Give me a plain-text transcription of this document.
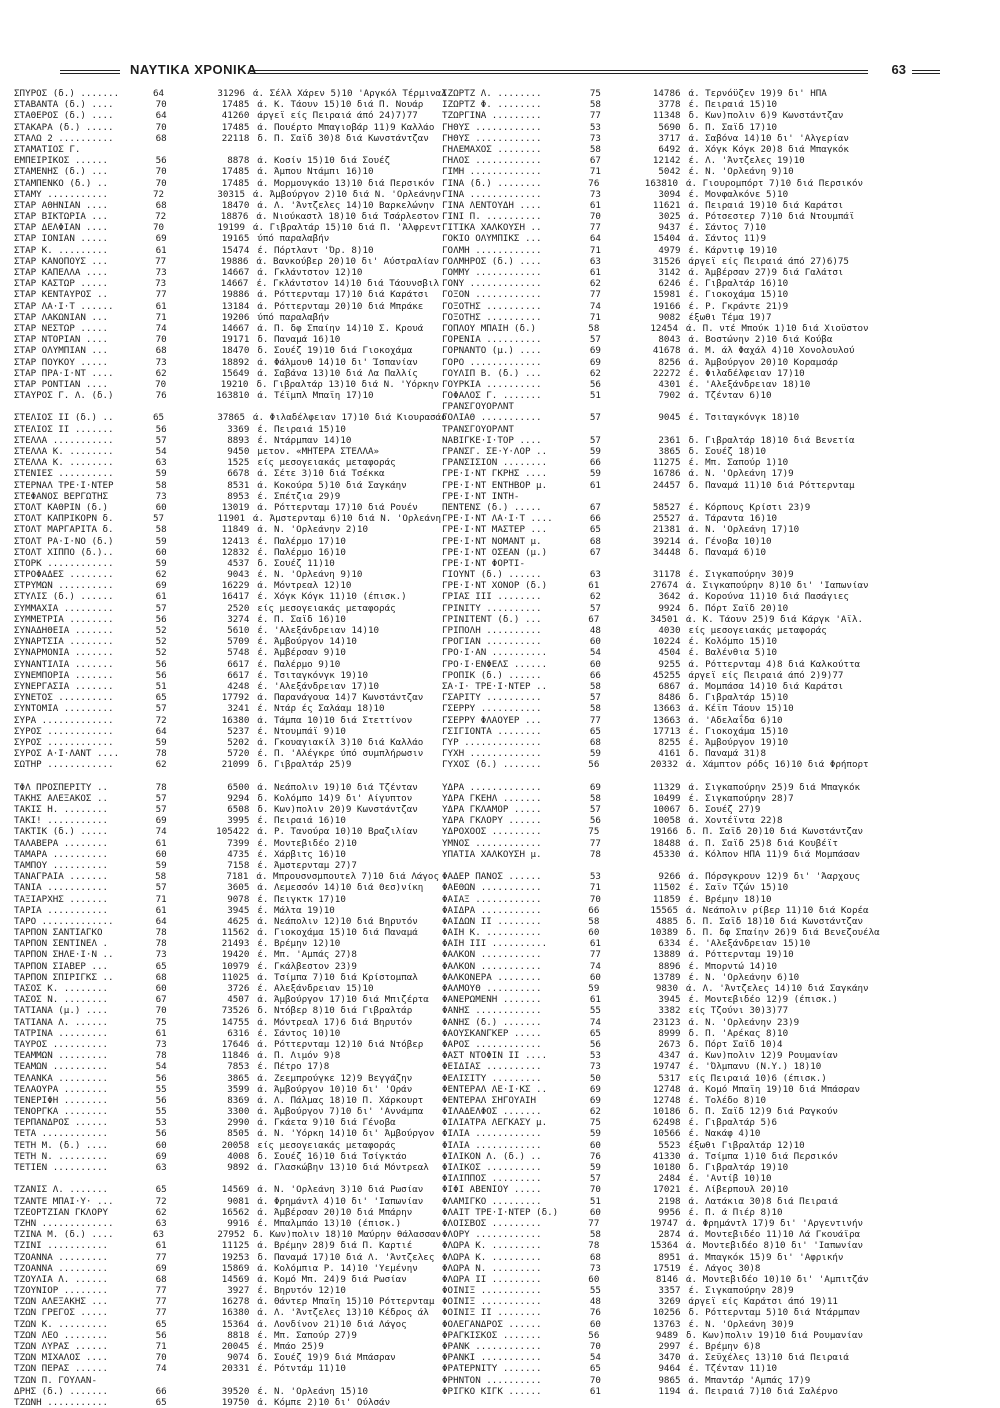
ΝΑΥΤΙΚΑ ΧΡΟΝΙΚΑ	63
ΣΠΥΡΟΣ (δ.) .......	64	31296 ά. Σέλλ Χάρεν 5)10 'Αργκόλ Τέρμιναλ
ΣΤΑΒΑΝΤΑ (δ.) ....	70	17485 ά. Κ. Τάουν 15)10 διά Π. Νουάρ
ΣΤΑΘΕΡΟΣ (δ.) ....	64	41260 άργεϊ είς Πειραιά άπό 24)7)77
ΣΤΑΚΑΡΑ (δ.) .....	70	17485 ά. Πουέρτο Μπαγιοβάρ 11)9 Καλλάο
ΣΤΑΛΩ 2 ..........	68	22118 δ. Π. Σαϊδ 30)8 διά Κωνστάντζαν
ΣΤΑΜΑΤΙΟΣ Γ.
ΕΜΠΕΙΡΙΚΟΣ ......	56	8878 ά. Κοσίν 15)10 διά Σουέζ
ΣΤΑΜΕΝΗΣ (δ.) ...	70	17485 ά. Άμπου Ντάμπι 16)10
ΣΤΑΜΠΕΝΚΟ (δ.) ..	70	17485 ά. Μορμουγκάο 13)10 διά Περσικόν
ΣΤΑΜΥ ...........	72	30315 ά. Άμβούργον 2)10 διά Ν. 'Ορλεάνην
ΣΤΑΡ ΑΘΗΝΙΑΝ ....	68	18470 ά. Λ. 'Άντζελες 14)10 Βαρκελώνην
ΣΤΑΡ ΒΙΚΤΩΡΙΑ ...	72	18876 ά. Νιούκαστλ 18)10 διά Τσάρλεστον
ΣΤΑΡ ΔΕΛΦΙΑΝ ....	70	19199 ά. Γιβραλτάρ 15)10 διά Π. 'Άλφρεντ
ΣΤΑΡ ΙΟΝΙΑΝ .....	69	19165 ύπό παραλαβήν
ΣΤΑΡ Κ. .........	61	15474 έ. Πόρτλαντ 'Όρ. 8)10
ΣΤΑΡ ΚΑΝΟΠΟΥΣ ...	77	19886 ά. Βανκούβερ 20)10 δι' Αύστραλίαν
ΣΤΑΡ ΚΑΠΕΛΛΑ ....	73	14667 ά. Γκλάντστον 12)10
ΣΤΑΡ ΚΑΣΤΩΡ .....	73	14667 έ. Γκλάντστον 14)10 διά Τάουνσβιλ
ΣΤΑΡ ΚΕΝΤΑΥΡΟΣ ..	77	19886 ά. Ρόττερνταμ 17)10 διά Καράτσι
ΣΤΑΡ ΛΑ·Ι·Τ ......	61	13184 ά. Ρόττερνταμ 20)10 διά Μπράκε
ΣΤΑΡ ΛΑΚΩΝΙΑΝ ...	71	19206 ύπό παραλαβήν
ΣΤΑΡ ΝΕΣΤΩΡ .....	74	14667 ά. Π. δφ Σπαίην 14)10 Σ. Κρουά
ΣΤΑΡ ΝΤΟΡΙΑΝ ....	70	19171 δ. Παναμά 16)10
ΣΤΑΡ ΟΛΥΜΠΙΑΝ ...	68	18470 δ. Σουέζ 19)10 διά Γιοκοχάμα
ΣΤΑΡ ΠΟΥΚΟΥ .....	73	18892 ά. Φάλμουθ 14)10 δι' Ίσπανίαν
ΣΤΑΡ ΠΡΑ·Ι·ΝΤ ....	62	15649 ά. Σαβάνα 13)10 διά Λα Παλλίς
ΣΤΑΡ ΡΟΝΤΙΑΝ ....	70	19210 δ. Γιβραλτάρ 13)10 διά Ν. 'Υόρκην
ΣΤΑΥΡΟΣ Γ. Λ. (δ.)	76	163810 ά. Τέϊμπλ Μπαϊη 17)10
ΣΤΕΛΙΟΣ ΙΙ (δ.) ..	65	37865 ά. Φιλαδέλφειαν 17)10 διά Κιουρασάο
ΣΤΕΛΙΟΣ ΙΙ .......	56	3369 έ. Πειραιά 15)10
ΣΤΕΛΛΑ ...........	57	8893 έ. Ντάρμπαν 14)10
ΣΤΕΛΛΑ Κ. ........	54	9450 μετον. «ΜΗΤΕΡΑ ΣΤΕΛΛΑ»
ΣΤΕΛΛΑ Κ. ........	63	1525 είς μεσογειακάς μεταφοράς
ΣΤΕΝΙΕΣ ..........	59	6678 ά. Σέτε 3)10 διά Τσέκκα
ΣΤΕΡΝΑΛ ΤΡΕ·Ι·ΝΤΕΡ	58	8531 ά. Κοκούρα 5)10 διά Σαγκάην
ΣΤΕΦΑΝΟΣ ΒΕΡΓΩΤΗΣ	73	8953 έ. Σπέτζια 29)9
ΣΤΟΛΤ ΚΑΘΡΙΝ (δ.)	60	13019 ά. Ρόττερνταμ 17)10 διά Ρουέν
ΣΤΟΛΤ ΚΑΠΡΙΚΟΡΝ δ.	57	11901 ά. Άμστερνταμ 6)10 διά Ν. 'Ορλεάνη
ΣΤΟΛΤ ΜΑΡΓΑΡΙΤΑ δ.	58	11849 ά. Ν. 'Ορλεάνην 2)10
ΣΤΟΛΤ ΡΑ·Ι·ΝΟ (δ.)	59	12413 έ. Παλέρμο 17)10
ΣΤΟΛΤ ΧΙΠΠΟ (δ.)..	60	12832 έ. Παλέρμο 16)10
ΣΤΟΡΚ ............	59	4537 δ. Σουέζ 11)10
ΣΤΡΟΦΑΔΕΣ ........	62	9043 έ. Ν. 'Ορλεάνη 9)10
ΣΤΡΥΜΩΝ ..........	69	16229 ά. Μόντρεαλ 12)10
ΣΤΥΛΙΣ (δ.) ......	61	16417 έ. Χόγκ Κόγκ 11)10 (έπισκ.)
ΣΥΜΜΑΧΙΑ .........	57	2520 είς μεσογειακάς μεταφοράς
ΣΥΜΜΕΤΡΙΑ ........	56	3274 έ. Π. Σαϊδ 16)10
ΣΥΝΑΔΗΘΕΙΑ .......	52	5610 έ. 'Αλεξάνδρειαν 14)10
ΣΥΝΑΡΤΣΙΑ ........	52	5709 έ. Άμβούργον 14)10
ΣΥΝΑΡΜΟΝΙΑ .......	52	5748 έ. Άμβέρσαν 9)10
ΣΥΝΑΝΤΙΛΙΑ .......	56	6617 έ. Παλέρμο 9)10
ΣΥΝΕΜΠΟΡΙΑ .......	56	6617 έ. Τσιταγκόνγκ 19)10
ΣΥΝΕΡΓΑΣΙΑ .......	51	4248 έ. 'Αλεξάνδρειαν 17)10
ΣΥΝΕΤΟΣ ..........	65	17792 ά. Παρανάγουα 14)7 Κωνστάντζαν
ΣΥΝΤΟΜΙΑ .........	57	3241 έ. Ντάρ ές Σαλάαμ 18)10
ΣΥΡΑ .............	72	16380 ά. Τάμπα 10)10 διά Στεττίνον
ΣΥΡΟΣ ............	64	5237 έ. Ντουμπάϊ 9)10
ΣΥΡΟΣ ............	59	5202 ά. Γκουαγιακίλ 3)10 διά Καλλάο
ΣΥΡΟΣ Α·Ι·ΛΑΝΤ ....	78	5720 έ. Π. 'Αλέγκρε ύπό συμπλήρωσιν
ΣΩΤΗΡ ............	62	21099 δ. Γιβραλτάρ 25)9
ΤΦΛ ΠΡΟΣΠΕΡΙΤΥ ..	78	6500 ά. Νεάπολιν 19)10 διά Τζένταν
ΤΑΚΗΣ ΑΛΕΞΑΚΟΣ ..	57	9294 δ. Κολόμπο 14)9 δι' Αίγυπτον
ΤΑΚΙΣ Η. ........	57	6508 δ. Κων)πολιν 20)9 Κωνστάντζαν
ΤΑΚΙ! ...........	69	3995 έ. Πειραιά 16)10
ΤΑΚΤΙΚ (δ.) .....	74	105422 ά. Ρ. Τανούρα 10)10 Βραζιλίαν
ΤΑΛΑΒΕΡΑ ........	61	7399 έ. Μοντεβιδέο 2)10
ΤΑΜΑΡΑ ..........	60	4735 έ. Χάρβιτς 16)10
ΤΑΜΠΟΥ ..........	59	7158 έ. Άμστερνταμ 27)7
ΤΑΝΑΓΡΑΙΑ .......	58	7181 ά. Μπρουσνσμπουτελ 7)10 διά Λάγος
ΤΑΝΙΑ ...........	57	3605 ά. Λεμεσσόν 14)10 διά Θεσ)νίκη
ΤΑΞΙΑΡΧΗΣ .......	71	9078 έ. Πειγκτκ 17)10
ΤΑΡΙΑ ...........	61	3945 έ. Μάλτα 19)10
ΤΑΡΟ .............	64	4625 ά. Νεάπολιν 12)10 διά Βηρυτόν
ΤΑΡΠΟΝ ΣΑΝΤΙΑΓΚΟ	78	11562 ά. Γιοκοχάμα 15)10 διά Παναμά
ΤΑΡΠΟΝ ΣΕΝΤΙΝΕΛ .	78	21493 έ. Βρέμην 12)10
ΤΑΡΠΟΝ ΣΗΛΕ·Ι·Ν ..	73	19420 έ. Μπ. 'Αμπάς 27)8
ΤΑΡΠΟΝ ΣΙΑΒΕΡ ...	65	10979 έ. Γκάλβεστον 23)9
ΤΑΡΠΟΝ ΣΠΙΡΙΓΚΣ ..	68	11025 ά. Τσίμπα 7)10 διά Κρίστομπαλ
ΤΑΣΟΣ Κ. ........	60	3726 έ. Αλεξάνδρειαν 15)10
ΤΑΣΟΣ Ν. ........	67	4507 ά. Άμβούργον 17)10 διά Μπιζέρτα
ΤΑΤΙΑΝΑ (μ.) ....	70	73526 δ. Ντόβερ 8)10 διά Γιβραλτάρ
ΤΑΤΙΑΝΑ Λ. ......	75	14755 ά. Μόντρεαλ 17)6 διά Βηρυτόν
ΤΑΤΡΙΝΑ .........	61	6316 έ. Σάντος 10)10
ΤΑΥΡΟΣ ..........	73	17646 ά. Ρόττερνταμ 12)10 διά Ντόβερ
ΤΕΑΜΜΩΝ .........	78	11846 ά. Π. Λιμόν 9)8
ΤΕΑΜΩΝ ..........	54	7853 έ. Πέτρο 17)8
ΤΕΛΑΝΚΑ .........	56	3865 ά. Ζεεμπρούγκε 12)9 Βεγγάζην
ΤΕΛΑΟΥΡΑ ........	55	3599 ά. Άμβούργον 10)10 δι' 'Οράν
ΤΕΝΕΡΙΦΗ ........	56	8369 ά. Λ. Πάλμας 18)10 Π. Χάρκουρτ
ΤΕΝΟΡΓΚΑ ........	55	3300 ά. Άμβούργον 7)10 δι' 'Αννάμπα
ΤΕΡΠΑΝΔΡΟΣ ......	53	2990 ά. Γκάετα 9)10 διά Γένοβα
ΤΕΤΑ ............	56	8505 ά. Ν. 'Υόρκη 14)10 δι' Άμβούργον
ΤΕΤΗ Μ. (δ.) ....	60	20058 είς μεσογειακάς μεταφοράς
ΤΕΤΗ Ν. .........	69	4008 δ. Σουέζ 16)10 διά Τσίγκτάο
ΤΕΤΙΕΝ ..........	63	9892 ά. Γλασκώβην 13)10 διά Μόντρεαλ
ΤΖΑΝΙΣ Λ. .......	65	14569 ά. Ν. 'Ορλεάνη 3)10 διά Ρωσίαν
ΤΖΑΝΤΕ ΜΠΑΙ·Υ· ...	72	9081 ά. Φρημάντλ 4)10 δι' 'Ιαπωνίαν
ΤΖΕΟΡΤΖΙΑΝ ΓΚΛΟΡΥ	62	16562 ά. Άμβέρσαν 20)10 διά Μπάρην
ΤΖΗΝ .............	63	9916 έ. Μπαλμπάο 13)10 (έπισκ.)
ΤΖΙΝΑ Μ. (δ.) ....	63	27952 δ. Κων)πολιν 18)10 Μαύρην θάλασσαν
ΤΖΙΝΙ ...........	61	11125 ά. Βρέμην 28)9 διά Π. Καρτιέ
ΤΖΟΑΝΝΑ .........	77	19253 δ. Παναμά 17)10 διά Λ. 'Άντζελες
ΤΖΟΑΝΝΑ .........	69	15869 ά. Κολόμπια Ρ. 14)10 'Υεμένην
ΤΖΟΥΛΙΑ Λ. ......	68	14569 ά. Κομό Μπ. 24)9 διά Ρωσίαν
ΤΖΟΥΝΙΟΡ ........	77	3927 έ. Βηρυτόν 12)10
ΤΖΩΝ ΑΛΕΞΑΚΗΣ ...	77	16278 ά. Θάντερ Μπαϊη 15)10 Ρόττερνταμ
ΤΖΩΝ ΓΡΕΓΟΣ .....	77	16380 ά. Λ. 'Άντζελες 13)10 Κέδρος άλ
ΤΖΩΝ Κ. .........	65	15364 ά. Λονδίνον 21)10 διά Λάγος
ΤΖΩΝ ΛΕΟ ........	56	8818 έ. Μπ. Σαπούρ 27)9
ΤΖΩΝ ΛΥΡΑΣ ......	71	20045 έ. Μπάο 25)9
ΤΖΩΝ ΜΙΧΑΛΟΣ ....	70	9074 δ. Σουέζ 19)9 διά Μπάσραν
ΤΖΩΝ ΠΕΡΑΣ ......	74	20331 έ. Ρότντάμ 11)10
ΤΖΩΝ Π. ΓΟΥΛΑΝ-
ΔΡΗΣ (δ.) .......	66	39520 έ. Ν. 'Ορλεάνη 15)10
ΤΖΩΝΗ ...........	65	19750 ά. Κόμπε 2)10 δι' Ούλσάν
ΙΖΩΡΤΖ Λ. ........	75	14786 ά. Τερνόϋζεν 19)9 δι' ΗΠΑ
ΙΖΩΡΤΖ Φ. ........	58	3778 έ. Πειραιά 15)10
ΤΖΩΡΓΙΝΑ .........	77	11348 δ. Κων)πολιν 6)9 Κωνστάντζαν
ΓΗΘΥΣ ............	53	5690 δ. Π. Σαϊδ 17)10
ΓΗΘΥΣ ............	73	3717 ά. Σαβόνα 14)10 δι' 'Αλγερίαν
ΓΗΛΕΜΑΧΟΣ ........	58	6492 ά. Χόγκ Κόγκ 20)8 διά Μπαγκόκ
ΓΗΛΟΣ ............	67	12142 έ. Λ. 'Άντζελες 19)10
ΓΙΜΗ .............	71	5042 έ. Ν. 'Ορλεάνη 9)10
ΓΙΝΑ (δ.) ........	76	163810 ά. Γιουρομπόρτ 7)10 διά Περσικόν
ΓΙΝΑ .............	73	3094 έ. Μονφαλκόνε 5)10
ΓΙΝΑ ΛΕΝΤΟΥΔΗ ....	61	11621 ά. Πειραιά 19)10 διά Καράτσι
ΓΙΝΙ Π. ..........	70	3025 ά. Ρότσεστερ 7)10 διά Ντουμπάϊ
ΓΙΤΙΚΑ ΧΑΛΚΟΥΣΗ ..	77	9437 έ. Σάντος 7)10
ΓΟΚΙΟ ΟΛΥΜΠΙΚΣ ...	64	15404 ά. Σάντος 11)9
ΓΟΛΜΗ ............	71	4979 έ. Κάρντιφ 19)10
ΓΟΛΜΗΡΟΣ (δ.) ....	63	31526 άργεϊ είς Πειραιά άπό 27)6)75
ΓΟΜΜΥ ............	61	3142 ά. Άμβέρσαν 27)9 διά Γαλάτσι
ΓΟΝΥ .............	62	6246 έ. Γιβραλτάρ 16)10
ΓΟΞΟΝ ............	77	15981 έ. Γιοκοχάμα 15)10
ΓΟΞΟΤΗΣ ..........	74	19166 έ. Ρ. Γκράντε 21)9
ΓΟΞΟΤΗΣ ..........	71	9082 έξωθι Τέμα 19)7
ΓΟΠΛΟΥ ΜΠΑΙΗ (δ.)	58	12454 ά. Π. ντέ Μπούκ 1)10 διά Χιοϋστον
ΓΟΡΕΝΙΑ ..........	57	8043 ά. Βοστώνην 2)10 διά Κούβα
ΓΟΡΝΑΝΤΟ (μ.) ....	69	41678 ά. Μ. άλ Φαχάλ 4)10 Χονολουλού
ΓΟΡΟ .............	69	8256 ά. Άμβούργον 20)10 Κοραμσάρ
ΓΟΥΛΙΠ Β. (δ.) ...	62	22272 έ. Φιλαδέλφειαν 17)10
ΓΟΥΡΚΙΑ ..........	56	4301 έ. 'Αλεξάνδρειαν 18)10
ΓΟΦΑΛΟΣ Γ. .......	51	7902 ά. Τζένταν 6)10
ΓΡΑΝΣΓΟΥΟΡΛΝΤ
ΓΟΛΙΑΘ ...........	57	9045 έ. Τσιταγκόνγκ 18)10
ΤΡΑΝΣΓΟΥΟΡΛΝΤ
ΝΑΒΙΓΚΕ·Ι·ΤΟΡ ....	57	2361 δ. Γιβραλτάρ 18)10 διά Βενετία
ΓΡΑΝΣΓ. ΣΕ·Υ·ΛΟΡ ..	59	3865 δ. Σουέζ 18)10
ΓΡΑΝΣΙΣΙΟΝ ........	66	11275 έ. Μπ. Σαπούρ 1)10
ΓΡΕ·Ι·ΝΤ ΓΚΡΗΣ ....	59	16786 ά. Ν. 'Ορλεάνη 17)9
ΓΡΕ·Ι·ΝΤ ΕΝΤΗΒΟΡ μ.	61	24457 δ. Παναμά 11)10 διά Ρόττερνταμ
ΓΡΕ·Ι·ΝΤ ΙΝΤΗ-
ΠΕΝΤΕΝΣ (δ.) .....	67	58527 έ. Κόρπους Κρίστι 23)9
ΓΡΕ·Ι·ΝΤ ΛΑ·Ι·Τ ....	66	25527 ά. Τάραντα 16)10
ΓΡΕ·Ι·ΝΤ ΜΑΣΤΕΡ ...	65	21381 ά. Ν. 'Ορλεάνη 17)10
ΓΡΕ·Ι·ΝΤ ΝΟΜΑΝΤ μ.	68	39214 ά. Γένοβα 10)10
ΓΡΕ·Ι·ΝΤ ΟΣΕΑΝ (μ.)	67	34448 δ. Παναμά 6)10
ΓΡΕ·Ι·ΝΤ ΦΟΡΤΙ-
ΓΙΟΥΝΤ (δ.) ......	63	31178 έ. Σιγκαπούρην 30)9
ΓΡΕ·Ι·ΝΤ ΧΟΝΟΡ (δ.)	61	27674 ά. Σιγκαπούρην 8)10 δι' 'Ιαπωνίαν
ΓΡΙΑΣ ΙΙΙ ........	62	3642 ά. Κορούνα 11)10 διά Πασάγιες
ΓΡΙΝΙΤΥ ..........	57	9924 δ. Πόρτ Σαϊδ 20)10
ΓΡΙΝΙΤΕΝΤ (δ.) ...	67	34501 ά. Κ. Τάουν 25)9 διά Κάργκ 'Αϊλ.
ΓΡΙΠΟΛΗ ..........	48	4030 είς μεσογειακάς μεταφοράς
ΓΡΟΓΙΑΝ ..........	60	10224 έ. Κολόμπο 15)10
ΓΡΟ·Ι·ΑΝ ..........	54	4504 έ. Βαλένθια 5)10
ΓΡΟ·Ι·ΕΝΦΕΛΣ ......	60	9255 ά. Ρόττερνταμ 4)8 διά Καλκούττα
ΓΡΟΠΙΚ (δ.) ......	66	45255 άργεϊ είς Πειραιά άπό 2)9)77
ΣΑ·Ι· ΤΡΕ·Ι·ΝΤΕΡ ..	58	6867 ά. Μομπάσα 14)10 διά Καράτσι
ΓΣΑΡΙΤΥ ..........	57	8486 δ. Γιβραλτάρ 15)10
ΓΣΕΡΡΥ ...........	58	13663 ά. Κέϊπ Τάουν 15)10
ΓΣΕΡΡΥ ΦΛΑΟΥΕΡ ...	77	13663 ά. 'Αδελαΐδα 6)10
ΓΣΙΓΙΟΝΤΑ ........	65	17713 έ. Γιοκοχάμα 15)10
ΓΥΡ ..............	68	8255 έ. Άμβούργον 19)10
ΓΥΧΗ .............	59	4161 δ. Παναμά 31)8
ΓΥΧΟΣ (δ.) .......	56	20332 ά. Χάμπτον ρόδς 16)10 διά Φρήπορτ
ΥΔΡΑ .............	69	11329 ά. Σιγκαπούρην 25)9 διά Μπαγκόκ
ΥΔΡΑ ΓΚΕΗΛ .......	58	10499 έ. Σιγκαπούρην 28)7
ΥΔΡΑ ΓΚΛΑΜΟΡ .....	57	10067 δ. Σουέζ 27)9
ΥΔΡΑ ΓΚΛΟΡΥ ......	56	10058 ά. Χοντέϊντα 22)8
ΥΔΡΟΧΟΟΣ .........	75	19166 δ. Π. Σαϊδ 20)10 διά Κωνστάντζαν
ΥΜΝΟΣ ............	77	18488 ά. Π. Σαϊδ 25)8 διά Κουβέϊτ
ΥΠΑΤΙΑ ΧΑΛΚΟΥΣΗ μ.	78	45330 ά. Κόλπον ΗΠΑ 11)9 διά Μομπάσαν
ΦΑΔΕΡ ΠΑΝΟΣ ......	53	9266 ά. Πόρσγκρουν 12)9 δι' 'Άαρχους
ΦΑΕΘΩΝ ...........	71	11502 έ. Σαϊν Τζών 15)10
ΦΑΙΑΞ ............	70	11859 έ. Βρέμην 18)10
ΦΑΙΔΡΑ ...........	66	15565 ά. Νεάπολιν ρίβερ 11)10 διά Κορέα
ΦΑΙΔΩΝ ΙΙ ........	58	4885 δ. Π. Σαϊδ 18)10 διά Κωνστάντζαν
ΦΑΙΗ Κ. ..........	60	10389 δ. Π. δφ Σπαίην 26)9 διά Βενεζουέλα
ΦΑΙΗ ΙΙΙ ..........	61	6334 έ. 'Αλεξάνδρειαν 15)10
ΦΑΛΚΟΝ ...........	77	13889 ά. Ρόττερνταμ 19)10
ΦΑΛΚΟΝ ...........	74	8896 έ. Μπορντώ 14)10
ΦΑΛΚΟΝΕΡΑ ........	60	13789 έ. Ν. 'Ορλεάνην 6)10
ΦΑΛΜΟΥΘ ..........	59	9830 ά. Λ. 'Άντζελες 14)10 διά Σαγκάην
ΦΑΝΕΡΩΜΕΝΗ .......	61	3945 έ. Μοντεβιδέο 12)9 (έπισκ.)
ΦΑΝΗΣ ............	55	3382 είς Τζούνι 30)3)77
ΦΑΝΗΣ (δ.) .......	74	23123 ά. Ν. 'Ορλεάνην 23)9
ΦΑΟΥΣΚΑΝΓΚΕΡ .....	65	8999 δ. Π. 'Αρέκας 8)10
ΦΑΡΟΣ ............	56	2673 δ. Πόρτ Σαϊδ 10)4
ΦΑΣΤ ΝΤΟΦΙΝ ΙΙ ....	53	4347 ά. Κων)πολιν 12)9 Ρουμανίαν
ΦΕΙΔΙΑΣ ..........	73	19747 έ. 'Όλμπανυ (Ν.Υ.) 18)10
ΦΕΛΙΣΙΤΥ .........	50	5317 είς Πειραιά 10)6 (έπισκ.)
ΦΕΝΤΕΡΑΛ ΛΕ·Ι·ΚΣ ..	69	12748 ά. Κομό Μπαϊη 19)10 διά Μπάσραν
ΦΕΝΤΕΡΑΛ ΣΗΓΟΥΑΙΗ	69	12748 έ. Τολέδο 8)10
ΦΙΛΑΔΕΛΦΟΣ .......	62	10186 δ. Π. Σαϊδ 12)9 διά Ραγκούν
ΦΙΛΙΑΤΡΑ ΛΕΓΚΑΣΥ μ.	75	62498 έ. Γιβραλτάρ 5)6
ΦΙΛΙΑ ............	59	10566 έ. Νακάφ 4)10
ΦΙΛΙΑ ............	60	5523 έξωθι Γιβραλτάρ 12)10
ΦΙΛΙΚΟΝ Λ. (δ.) ..	76	41330 ά. Τσίμπα 1)10 διά Περσικόν
ΦΙΛΙΚΟΣ ..........	59	10180 δ. Γιβραλτάρ 19)10
ΦΙΛΙΠΠΟΣ .........	57	2484 έ. 'Αντίβ 10)10
ΦΙΦΙ ΑΒΕΝΙΟΥ .....	70	17021 έ. Λίβερπουλ 20)10
ΦΛΑΜΙΓΚΟ .........	51	2198 ά. Λατάκια 30)8 διά Πειραιά
ΦΛΑΙΤ ΤΡΕ·Ι·ΝΤΕΡ (δ.)	60	9956 έ. Π. ά Πιέρ 8)10
ΦΛΟΙΣΒΟΣ .........	77	19747 ά. Φρημάντλ 17)9 δι' 'Αργεντινήν
ΦΛΟΡΥ ............	58	2874 ά. Μοντεβιδέο 11)10 Λά Γκουάϊρα
ΦΛΩΡΑ Κ. .........	78	15364 ά. Μοντεβιδέο 8)10 δι' 'Ιαπωνίαν
ΦΛΩΡΑ Κ. .........	68	8951 ά. Μπαγκόκ 15)9 δι' 'Αφρικήν
ΦΛΩΡΑ Ν. .........	73	17519 έ. Λάγος 30)8
ΦΛΩΡΑ ΙΙ .........	60	8146 ά. Μοντεβιδέο 10)10 δι' 'Αμπιτζάν
ΦΟΙΝΙΞ ...........	55	3357 έ. Σιγκαπούρην 28)9
ΦΟΙΝΙΞ ...........	48	3269 άργεϊ είς Καράτσι άπό 19)11
ΦΟΙΝΙΞ ΙΙ ........	76	10256 δ. Ρόττερνταμ 5)10 διά Ντάρμπαν
ΦΟΛΕΓΑΝΔΡΟΣ ......	60	13763 έ. Ν. 'Ορλεάνη 30)9
ΦΡΑΓΚΙΣΚΟΣ .......	56	9489 δ. Κων)πολιν 19)10 διά Ρουμανίαν
ΦΡΑΝΚ ............	70	2997 έ. Βρέμην 6)8
ΦΡΑΝΚΙ ...........	54	3470 ά. Σεϋχέλες 13)10 διά Πειραιά
ΦΡΑΤΕΡΝΙΤΥ .......	65	9464 έ. Τζένταν 11)10
ΦΡΗΝΤΟΝ ..........	70	9865 ά. Μπαντάρ 'Αμπάς 17)9
ΦΡΙΓΚΟ ΚΙΓΚ ......	61	1194 ά. Πειραιά 7)10 διά Σαλέρνο
